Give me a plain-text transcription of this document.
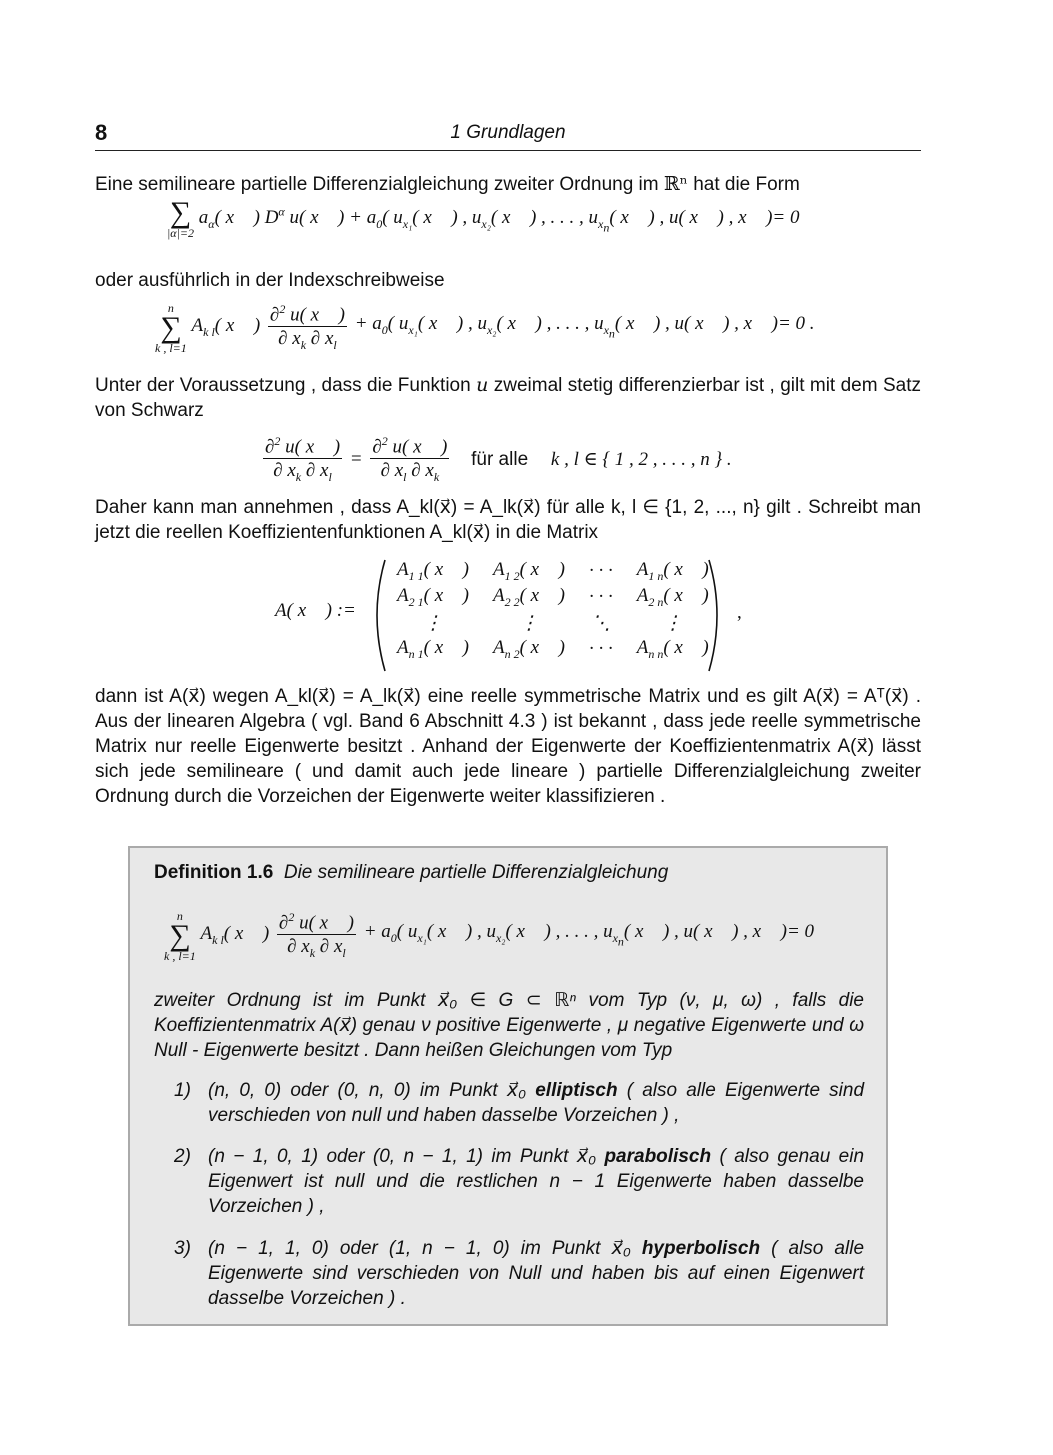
8	1 Grundlagen
Eine semilineare partielle Differenzialgleichung zweiter Ordnung im ℝⁿ hat die Form
∑
|α|=2
$a_\alpha$( x⃗ ) $D^\alpha$ u( x⃗ ) + $a_0$( $u_{x_1}$( x⃗ ) , $u_{x_2}$( x⃗ ) , . . . , $u_{x_n}$( x⃗ ) , u( x⃗ ) , x⃗ )= 0
oder ausführlich in der Indexschreibweise
n
∑
k , l=1
$A_{k l}$( x⃗ ) $\frac{\partial^2 u( x⃗ )}{\partial x_k \partial x_l} + a_0$( $u_{x_1}$( x⃗ ) , $u_{x_2}$( x⃗ ) , . . . , $u_{x_n}$( x⃗ ) , u( x⃗ ) , x⃗ )= 0 .
Unter der Voraussetzung , dass die Funktion u zweimal stetig differenzierbar ist , gilt mit dem Satz von Schwarz
$\frac{\partial^2 u( x⃗ )}{\partial x_k \partial x_l} = \frac{\partial^2 u( x⃗ )}{\partial x_l \partial x_k}$ für alle k , l ∈ { 1 , 2 , . . . , n } .
Daher kann man annehmen , dass A_kl(x⃗) = A_lk(x⃗) für alle k, l ∈ {1, 2, ..., n} gilt . Schreibt man jetzt die reellen Koeffizientenfunktionen A_kl(x⃗) in die Matrix
A( x⃗ ) :=
$A_{1 1}$( x⃗ )	$A_{1 2}$( x⃗ )	· · ·	$A_{1 n}$( x⃗ )
$A_{2 1}$( x⃗ )	$A_{2 2}$( x⃗ )	· · ·	$A_{2 n}$( x⃗ )
⋮	⋮	⋱	⋮
$A_{n 1}$( x⃗ )	$A_{n 2}$( x⃗ )	· · ·	$A_{n n}$( x⃗ )
,
dann ist A(x⃗) wegen A_kl(x⃗) = A_lk(x⃗) eine reelle symmetrische Matrix und es gilt A(x⃗) = Aᵀ(x⃗) . Aus der linearen Algebra ( vgl. Band 6 Abschnitt 4.3 ) ist bekannt , dass jede reelle symmetrische Matrix nur reelle Eigenwerte besitzt . Anhand der Eigenwerte der Koeffizientenmatrix A(x⃗) lässt sich jede semilineare ( und damit auch jede lineare ) partielle Differenzialgleichung zweiter Ordnung durch die Vorzeichen der Eigenwerte weiter klassifizieren .
Definition 1.6 Die semilineare partielle Differenzialgleichung
n
∑
k , l=1
$A_{k l}$( x⃗ ) $\frac{\partial^2 u( x⃗ )}{\partial x_k \partial x_l} + a_0$( $u_{x_1}$( x⃗ ) , $u_{x_2}$( x⃗ ) , . . . , $u_{x_n}$( x⃗ ) , u( x⃗ ) , x⃗ )= 0
zweiter Ordnung ist im Punkt x⃗₀ ∈ G ⊂ ℝⁿ vom Typ (ν, μ, ω) , falls die Koeffizientenmatrix A(x⃗) genau ν positive Eigenwerte , μ negative Eigenwerte und ω Null - Eigenwerte besitzt . Dann heißen Gleichungen vom Typ
1) (n, 0, 0) oder (0, n, 0) im Punkt x⃗₀ elliptisch ( also alle Eigenwerte sind verschieden von null und haben dasselbe Vorzeichen ) ,
2) (n − 1, 0, 1) oder (0, n − 1, 1) im Punkt x⃗₀ parabolisch ( also genau ein Eigenwert ist null und die restlichen n − 1 Eigenwerte haben dasselbe Vorzeichen ) ,
3) (n − 1, 1, 0) oder (1, n − 1, 0) im Punkt x⃗₀ hyperbolisch ( also alle Eigenwerte sind verschieden von Null und haben bis auf einen Eigenwert dasselbe Vorzeichen ) .
